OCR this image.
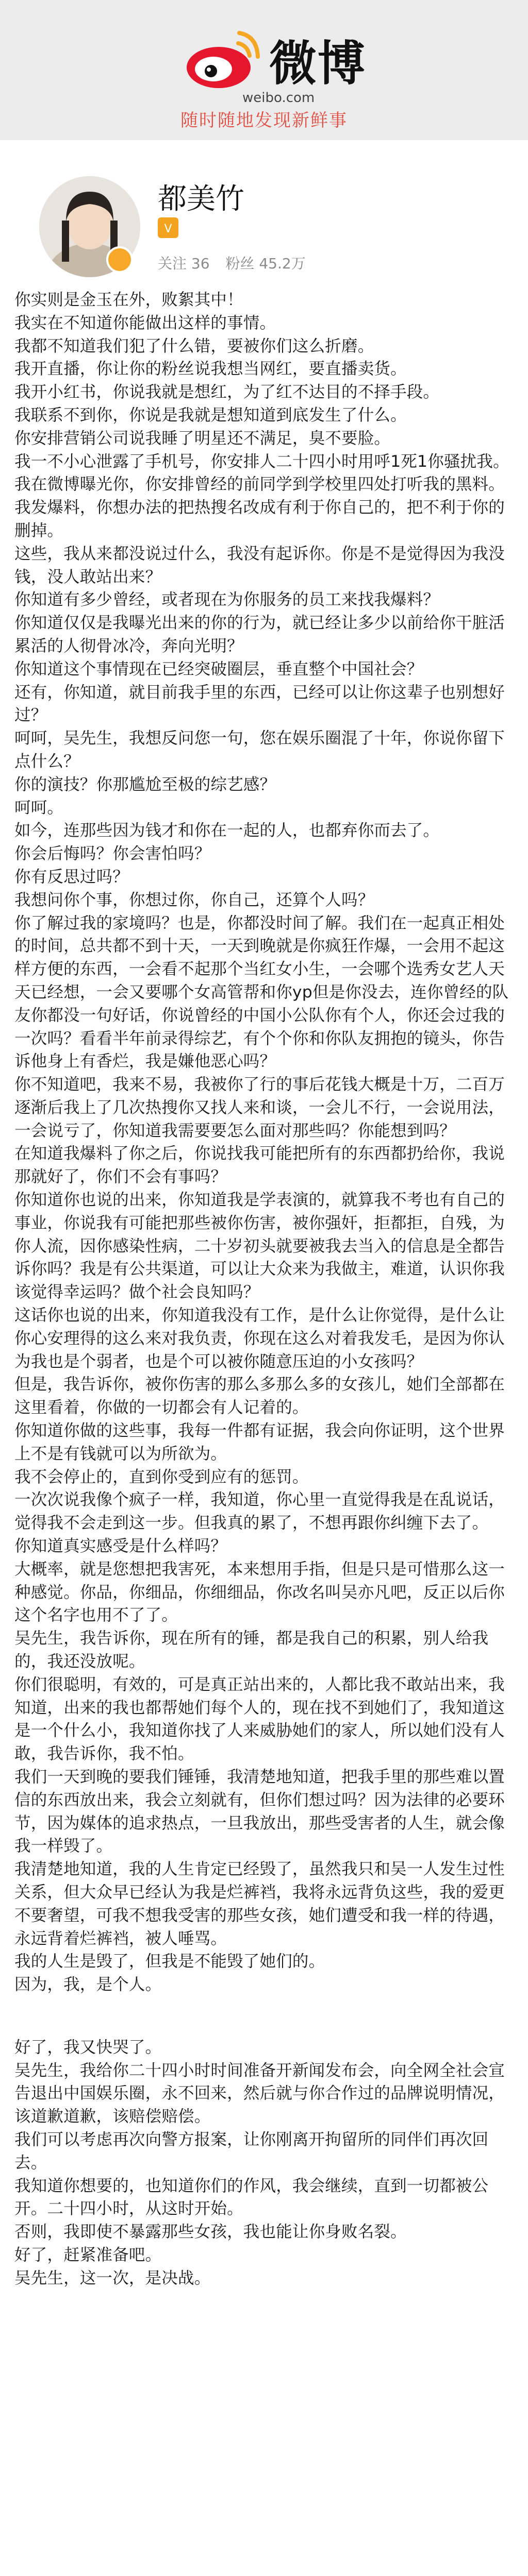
微博
weibo.com
随时随地发现新鲜事
都美竹
V
关注 36 粉丝 45.2万

你实则是金玉在外，败絮其中！

我实在不知道你能做出这样的事情。

我都不知道我们犯了什么错，要被你们这么折磨。

我开直播，你让你的粉丝说我想当网红，要直播卖货。

我开小红书，你说我就是想红，为了红不达目的不择手段。

我联系不到你，你说是我就是想知道到底发生了什么。

你安排营销公司说我睡了明星还不满足，臭不要脸。

我一不小心泄露了手机号，你安排人二十四小时用呼1死1你骚扰我。

我在微博曝光你，你安排曾经的前同学到学校里四处打听我的黑料。

我发爆料，你想办法的把热搜名改成有利于你自己的，把不利于你的删掉。

这些，我从来都没说过什么，我没有起诉你。你是不是觉得因为我没钱，没人敢站出来？

你知道有多少曾经，或者现在为你服务的员工来找我爆料？

你知道仅仅是我曝光出来的你的行为，就已经让多少以前给你干脏活累活的人彻骨冰冷，奔向光明？

你知道这个事情现在已经突破圈层，垂直整个中国社会？

还有，你知道，就目前我手里的东西，已经可以让你这辈子也别想好过？

呵呵，吴先生，我想反问您一句，您在娱乐圈混了十年，你说你留下点什么？

你的演技？你那尴尬至极的综艺感？

呵呵。

如今，连那些因为钱才和你在一起的人，也都弃你而去了。

你会后悔吗？你会害怕吗？

你有反思过吗？

我想问你个事，你想过你，你自己，还算个人吗？

你了解过我的家境吗？也是，你都没时间了解。我们在一起真正相处的时间，总共都不到十天，一天到晚就是你疯狂作爆，一会用不起这样方便的东西，一会看不起那个当红女小生，一会哪个选秀女艺人天天已经想，一会又要哪个女高管帮和你yp但是你没去，连你曾经的队友你都没一句好话，你说曾经的中国小公队你有个人，你还会过我的一次吗？看看半年前录得综艺，有个个你和你队友拥抱的镜头，你告诉他身上有香烂，我是嫌他恶心吗？

你不知道吧，我来不易，我被你了行的事后花钱大概是十万，二百万逐渐后我上了几次热搜你又找人来和谈，一会儿不行，一会说用法，一会说亏了，你知道我需要要怎么面对那些吗？你能想到吗？

在知道我爆料了你之后，你说找我可能把所有的东西都扔给你，我说那就好了，你们不会有事吗？

你知道你也说的出来，你知道我是学表演的，就算我不考也有自己的事业，你说我有可能把那些被你伤害，被你强奸，拒都拒，自残，为你人流，因你感染性病，二十岁初头就要被我去当入的信息是全都告诉你吗？我是有公共渠道，可以让大众来为我做主，难道，认识你我该觉得幸运吗？做个社会良知吗？

这话你也说的出来，你知道我没有工作，是什么让你觉得，是什么让你心安理得的这么来对我负责，你现在这么对着我发毛，是因为你认为我也是个弱者，也是个可以被你随意压迫的小女孩吗？

但是，我告诉你，被你伤害的那么多那么多的女孩儿，她们全部都在这里看着，你做的一切都会有人记着的。

你知道你做的这些事，我每一件都有证据，我会向你证明，这个世界上不是有钱就可以为所欲为。

我不会停止的，直到你受到应有的惩罚。

一次次说我像个疯子一样，我知道，你心里一直觉得我是在乱说话，觉得我不会走到这一步。但我真的累了，不想再跟你纠缠下去了。

你知道真实感受是什么样吗？

大概率，就是您想把我害死，本来想用手指，但是只是可惜那么这一种感觉。你品，你细品，你细细品，你改名叫吴亦凡吧，反正以后你这个名字也用不了了。

吴先生，我告诉你，现在所有的锤，都是我自己的积累，别人给我的，我还没放呢。

你们很聪明，有效的，可是真正站出来的，人都比我不敢站出来，我知道，出来的我也都帮她们每个人的，现在找不到她们了，我知道这是一个什么小，我知道你找了人来威胁她们的家人，所以她们没有人敢，我告诉你，我不怕。

我们一天到晚的要我们锤锤，我清楚地知道，把我手里的那些难以置信的东西放出来，我会立刻就有，但你们想过吗？因为法律的必要环节，因为媒体的追求热点，一旦我放出，那些受害者的人生，就会像我一样毁了。

我清楚地知道，我的人生肯定已经毁了，虽然我只和吴一人发生过性关系，但大众早已经认为我是烂裤裆，我将永远背负这些，我的爱更不要奢望，可我不想我受害的那些女孩，她们遭受和我一样的待遇，永远背着烂裤裆，被人唾骂。

我的人生是毁了，但我是不能毁了她们的。

因为，我，是个人。

好了，我又快哭了。

吴先生，我给你二十四小时时间准备开新闻发布会，向全网全社会宣告退出中国娱乐圈，永不回来，然后就与你合作过的品牌说明情况，该道歉道歉，该赔偿赔偿。

我们可以考虑再次向警方报案，让你刚离开拘留所的同伴们再次回去。

我知道你想要的，也知道你们的作风，我会继续，直到一切都被公开。二十四小时，从这时开始。

否则，我即使不暴露那些女孩，我也能让你身败名裂。

好了，赶紧准备吧。

吴先生，这一次，是决战。
